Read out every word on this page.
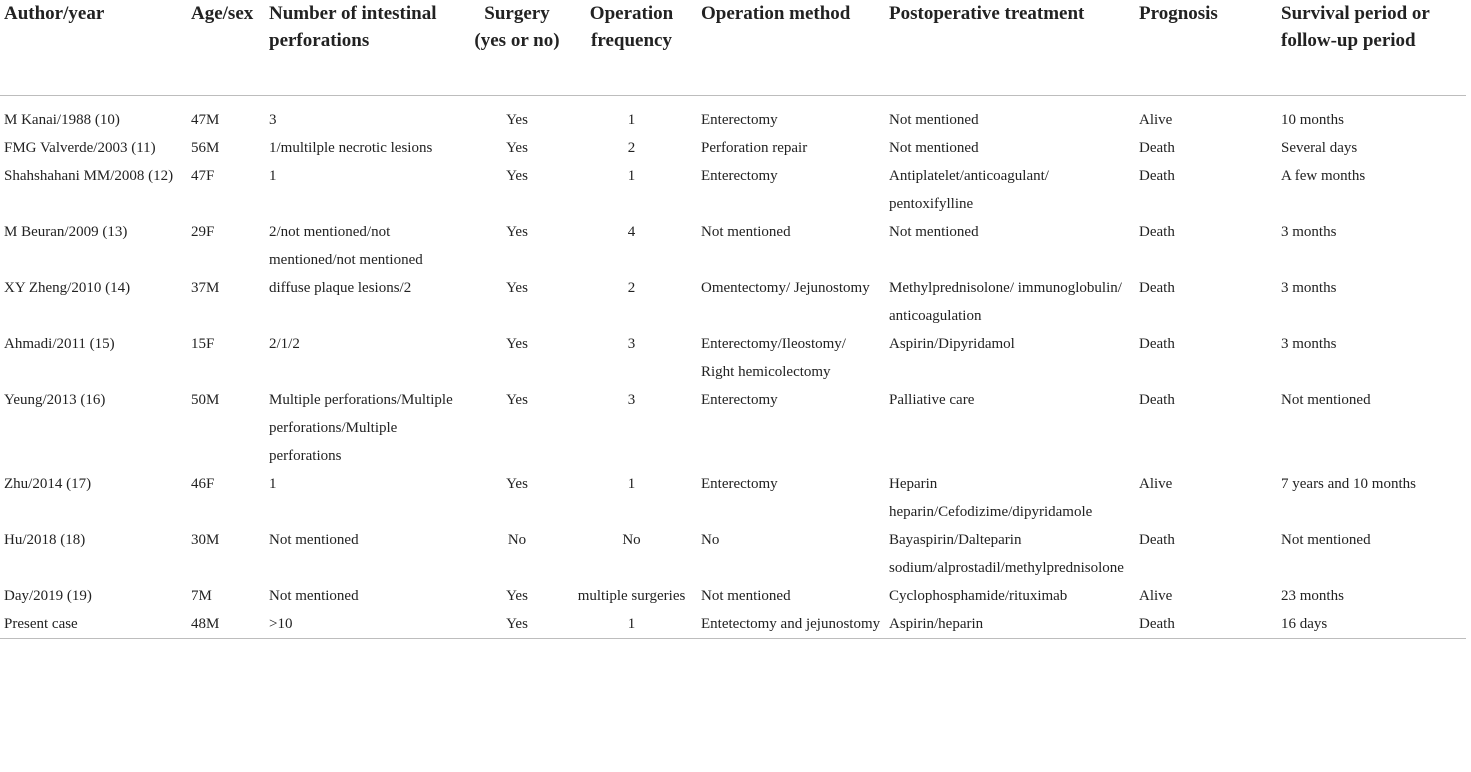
Author/year	Age/sex	Number of intestinal perforations	Surgery (yes or no)	Operation frequency	Operation method	Postoperative treatment	Prognosis	Survival period or follow-up period

M Kanai/1988 (10)	47M	3	Yes	1	Enterectomy	Not mentioned	Alive	10 months
FMG Valverde/2003 (11)	56M	1/multilple necrotic lesions	Yes	2	Perforation repair	Not mentioned	Death	Several days
Shahshahani MM/2008 (12)	47F	1	Yes	1	Enterectomy	Antiplatelet/anticoagulant/ pentoxifylline	Death	A few months
M Beuran/2009 (13)	29F	2/not mentioned/not mentioned/not mentioned	Yes	4	Not mentioned	Not mentioned	Death	3 months
XY Zheng/2010 (14)	37M	diffuse plaque lesions/2	Yes	2	Omentectomy/ Jejunostomy	Methylprednisolone/ immunoglobulin/ anticoagulation	Death	3 months
Ahmadi/2011 (15)	15F	2/1/2	Yes	3	Enterectomy/Ileostomy/ Right hemicolectomy	Aspirin/Dipyridamol	Death	3 months
Yeung/2013 (16)	50M	Multiple perforations/Multiple perforations/Multiple perforations	Yes	3	Enterectomy	Palliative care	Death	Not mentioned
Zhu/2014 (17)	46F	1	Yes	1	Enterectomy	Heparin heparin/Cefodizime/dipyridamole	Alive	7 years and 10 months
Hu/2018 (18)	30M	Not mentioned	No	No	No	Bayaspirin/Dalteparin sodium/alprostadil/methylprednisolone	Death	Not mentioned
Day/2019 (19)	7M	Not mentioned	Yes	multiple surgeries	Not mentioned	Cyclophosphamide/rituximab	Alive	23 months
Present case	48M	>10	Yes	1	Entetectomy and jejunostomy	Aspirin/heparin	Death	16 days
